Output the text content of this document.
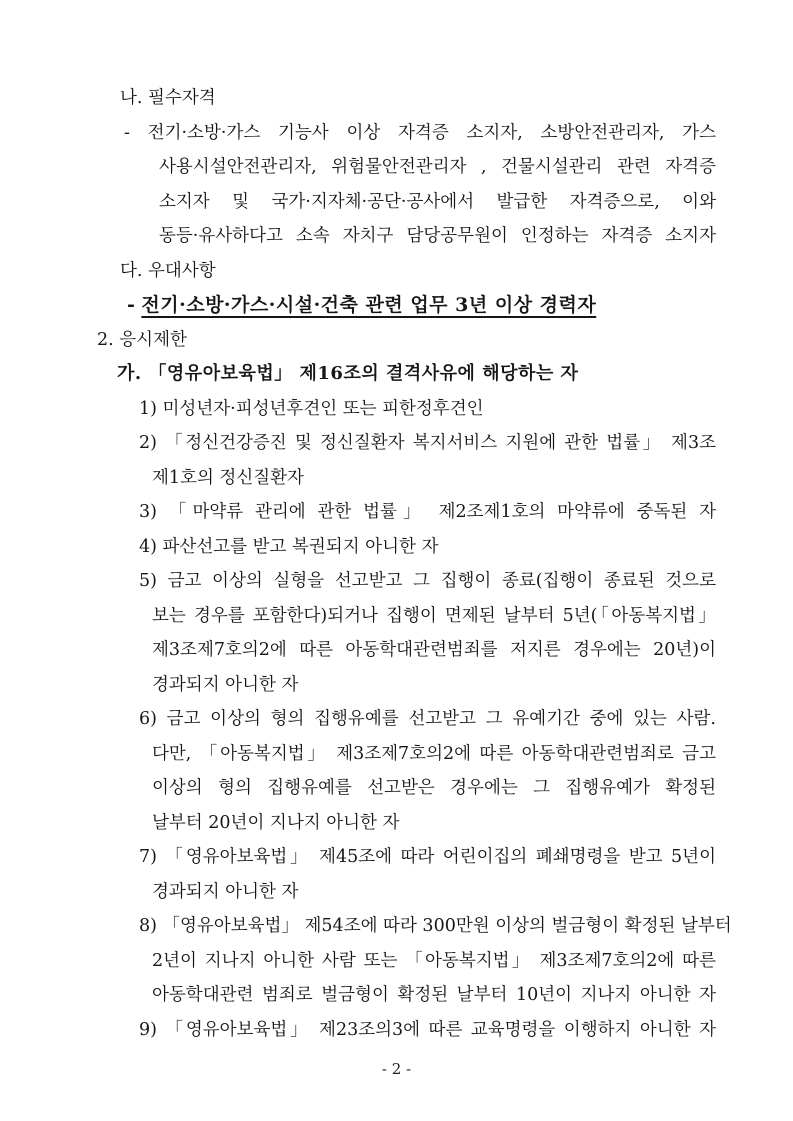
나. 필수자격
- 전기·소방·가스 기능사 이상 자격증 소지자, 소방안전관리자, 가스
사용시설안전관리자, 위험물안전관리자 , 건물시설관리 관련 자격증
소지자 및 국가·지자체·공단·공사에서 발급한 자격증으로, 이와
동등·유사하다고 소속 자치구 담당공무원이 인정하는 자격증 소지자
다. 우대사항
- 전기·소방·가스·시설·건축 관련 업무 3년 이상 경력자
2. 응시제한
가. 「영유아보육법」 제16조의 결격사유에 해당하는 자
1) 미성년자·피성년후견인 또는 피한정후견인
2) 「정신건강증진 및 정신질환자 복지서비스 지원에 관한 법률」 제3조
제1호의 정신질환자
3) 「마약류 관리에 관한 법률」 제2조제1호의 마약류에 중독된 자
4) 파산선고를 받고 복권되지 아니한 자
5) 금고 이상의 실형을 선고받고 그 집행이 종료(집행이 종료된 것으로
보는 경우를 포함한다)되거나 집행이 면제된 날부터 5년(「아동복지법」
제3조제7호의2에 따른 아동학대관련범죄를 저지른 경우에는 20년)이
경과되지 아니한 자
6) 금고 이상의 형의 집행유예를 선고받고 그 유예기간 중에 있는 사람.
다만, 「아동복지법」 제3조제7호의2에 따른 아동학대관련범죄로 금고
이상의 형의 집행유예를 선고받은 경우에는 그 집행유예가 확정된
날부터 20년이 지나지 아니한 자
7) 「영유아보육법」 제45조에 따라 어린이집의 폐쇄명령을 받고 5년이
경과되지 아니한 자
8) 「영유아보육법」 제54조에 따라 300만원 이상의 벌금형이 확정된 날부터
2년이 지나지 아니한 사람 또는 「아동복지법」 제3조제7호의2에 따른
아동학대관련 범죄로 벌금형이 확정된 날부터 10년이 지나지 아니한 자
9) 「영유아보육법」 제23조의3에 따른 교육명령을 이행하지 아니한 자
- 2 -
